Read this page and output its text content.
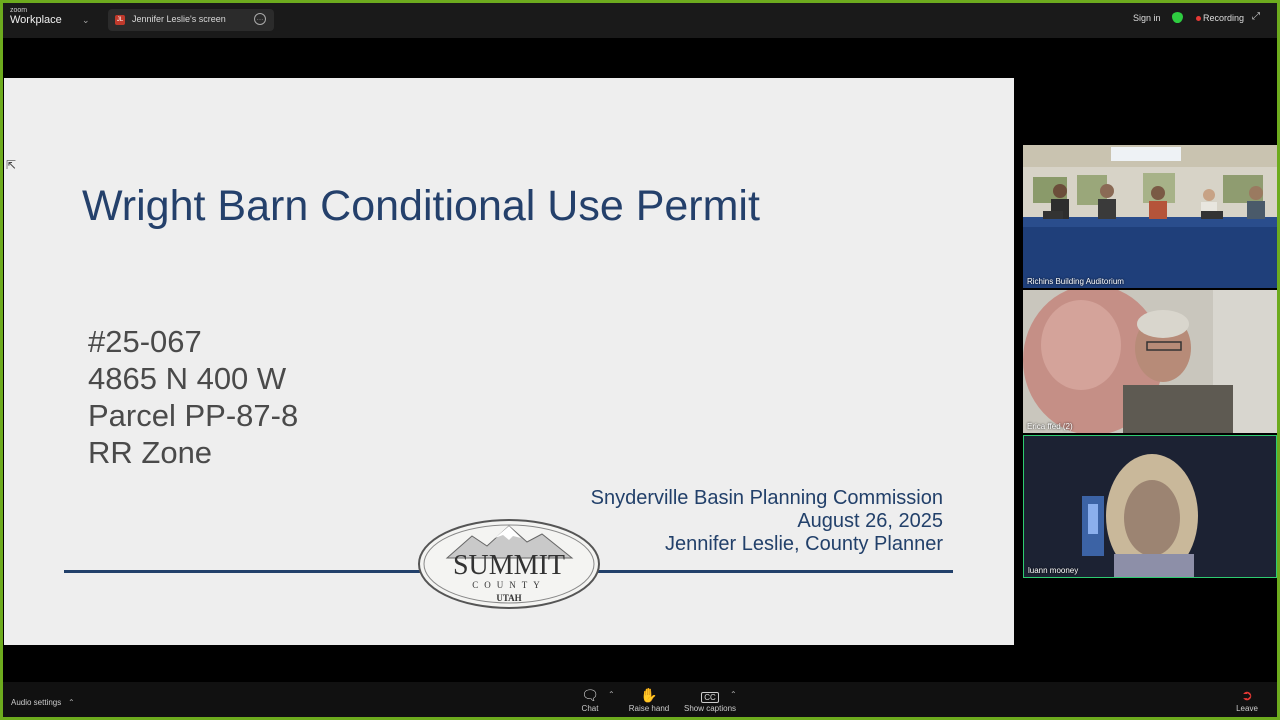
zoom
Workplace ⌄	JL Jennifer Leslie's screen	…	Sign in	Recording ⤢
Wright Barn Conditional Use Permit
#25-067
4865 N 400 W
Parcel PP-87-8
RR Zone
Snyderville Basin Planning Commission
August 26, 2025
Jennifer Leslie, County Planner
SUMMIT
COUNTY
UTAH
⇱
Richins Building Auditorium
Erica ffed (2)
luann mooney
Audio settings ⌃	🗨
Chat
⌃	✋
Raise hand
CC
Show captions
⌃	➲
Leave
